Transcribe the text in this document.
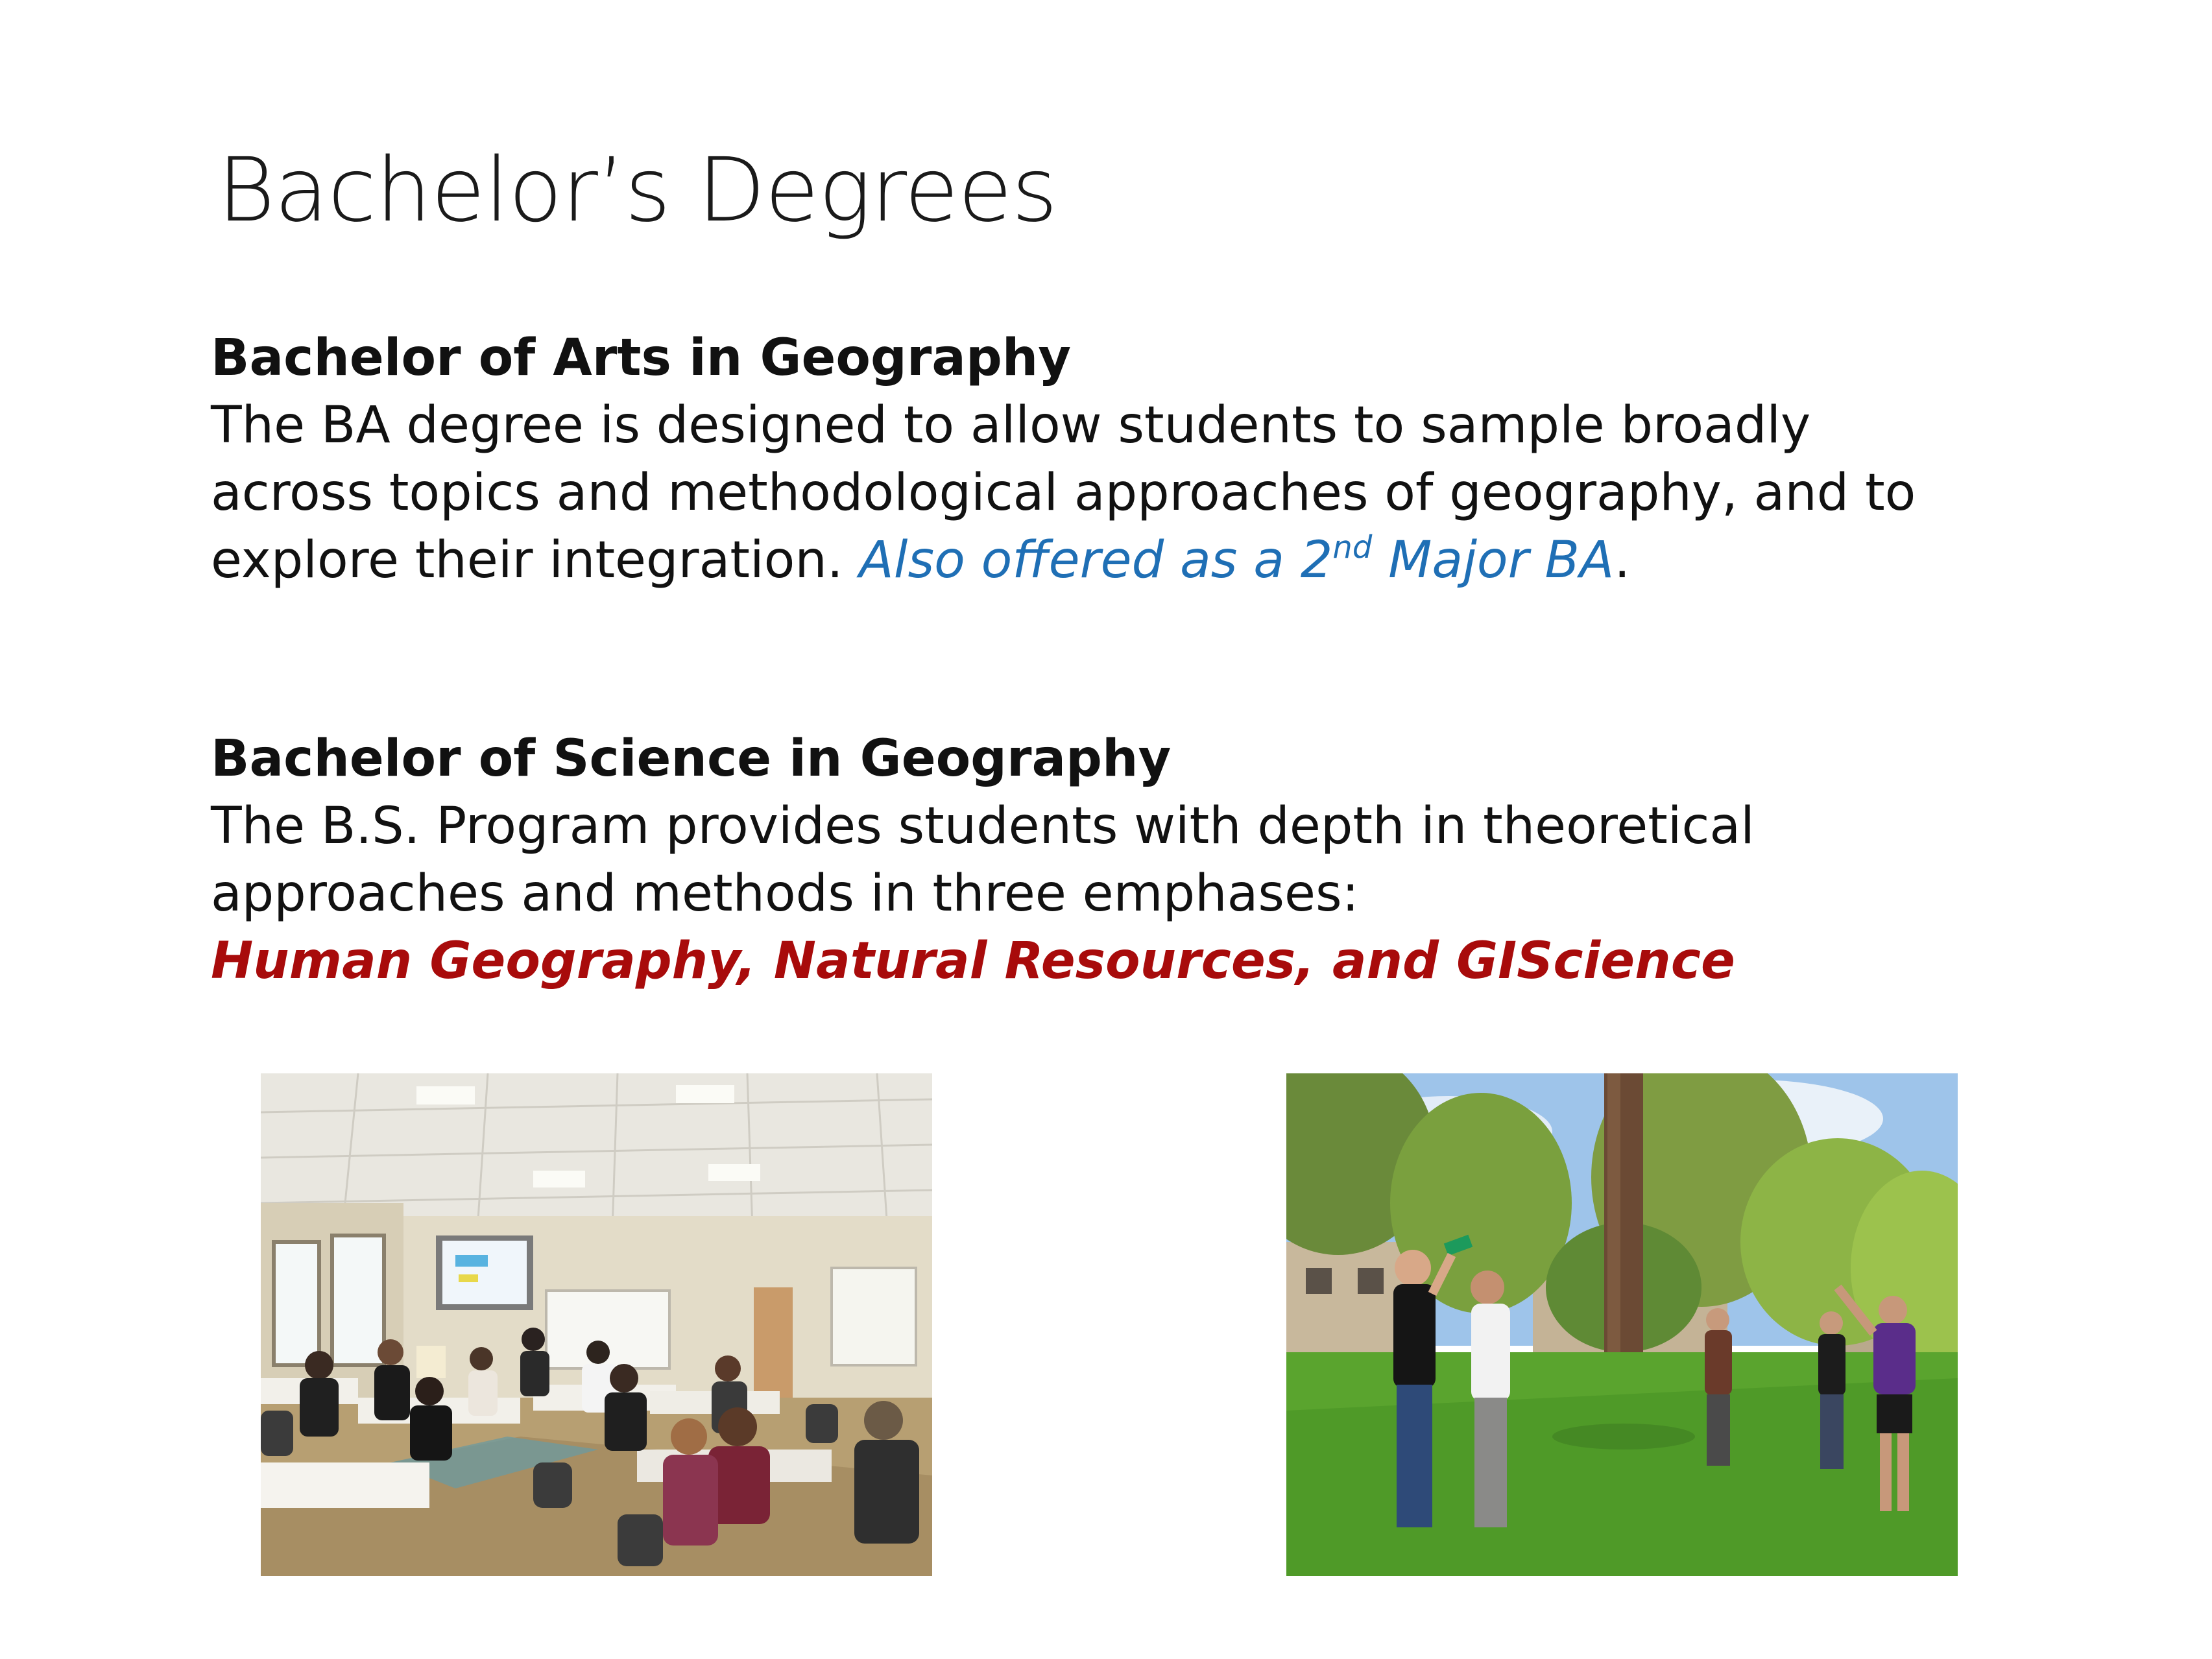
Bachelor’s Degrees
Bachelor of Arts in Geography
The BA degree is designed to allow students to sample broadly
across topics and methodological approaches of geography, and to
explore their integration. Also offered as a 2nd Major BA.
Bachelor of Science in Geography
The B.S. Program provides students with depth in theoretical
approaches and methods in three emphases:
Human Geography, Natural Resources, and GIScience
